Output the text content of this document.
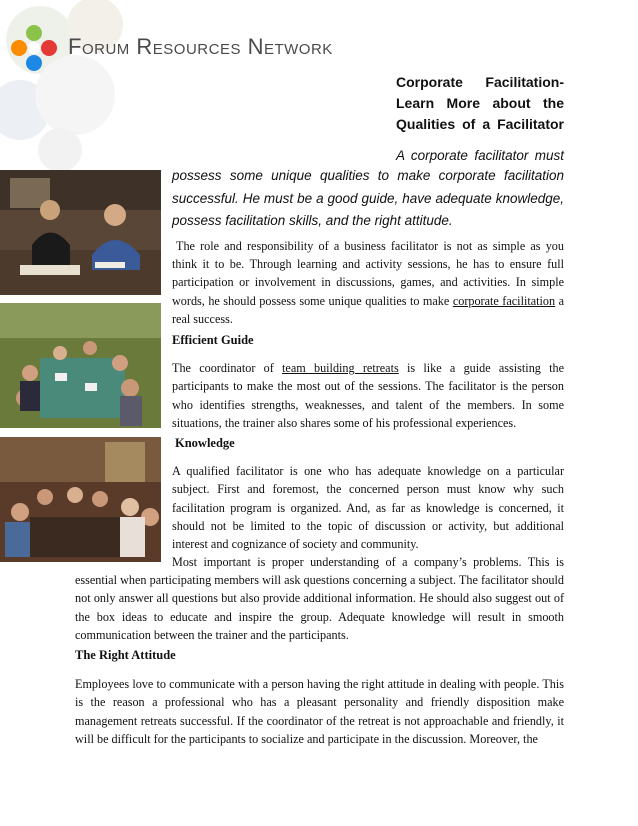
Forum Resources Network
Corporate Facilitation- Learn More about the Qualities of a Facilitator
A corporate facilitator must

possess some unique qualities to make corporate facilitation successful. He must be a good guide, have adequate knowledge, possess facilitation skills, and the right attitude.

The role and responsibility of a business facilitator is not as simple as you think it to be. Through learning and activity sessions, he has to ensure full participation or involvement in discussions, games, and activities. In simple words, he should possess some unique qualities to make corporate facilitation a real success.

Efficient Guide

The coordinator of team building retreats is like a guide assisting the participants to make the most out of the sessions. The facilitator is the person who identifies strengths, weaknesses, and talent of the members. In some situations, the trainer also shares some of his professional experiences.

Knowledge

A qualified facilitator is one who has adequate knowledge on a particular subject. First and foremost, the concerned person must know why such facilitation program is organized. And, as far as knowledge is concerned, it should not be limited to the topic of discussion or activity, but additional interest and cognizance of society and community.

Most important is proper understanding of a company’s problems. This is essential when participating members will ask questions concerning a subject. The facilitator should not only answer all questions but also provide additional information. He should also suggest out of the box ideas to educate and inspire the group. Adequate knowledge will result in smooth communication between the trainer and the participants.

The Right Attitude

Employees love to communicate with a person having the right attitude in dealing with people. This is the reason a professional who has a pleasant personality and friendly disposition make management retreats successful. If the coordinator of the retreat is not approachable and friendly, it will be difficult for the participants to socialize and participate in the discussion. Moreover, the
